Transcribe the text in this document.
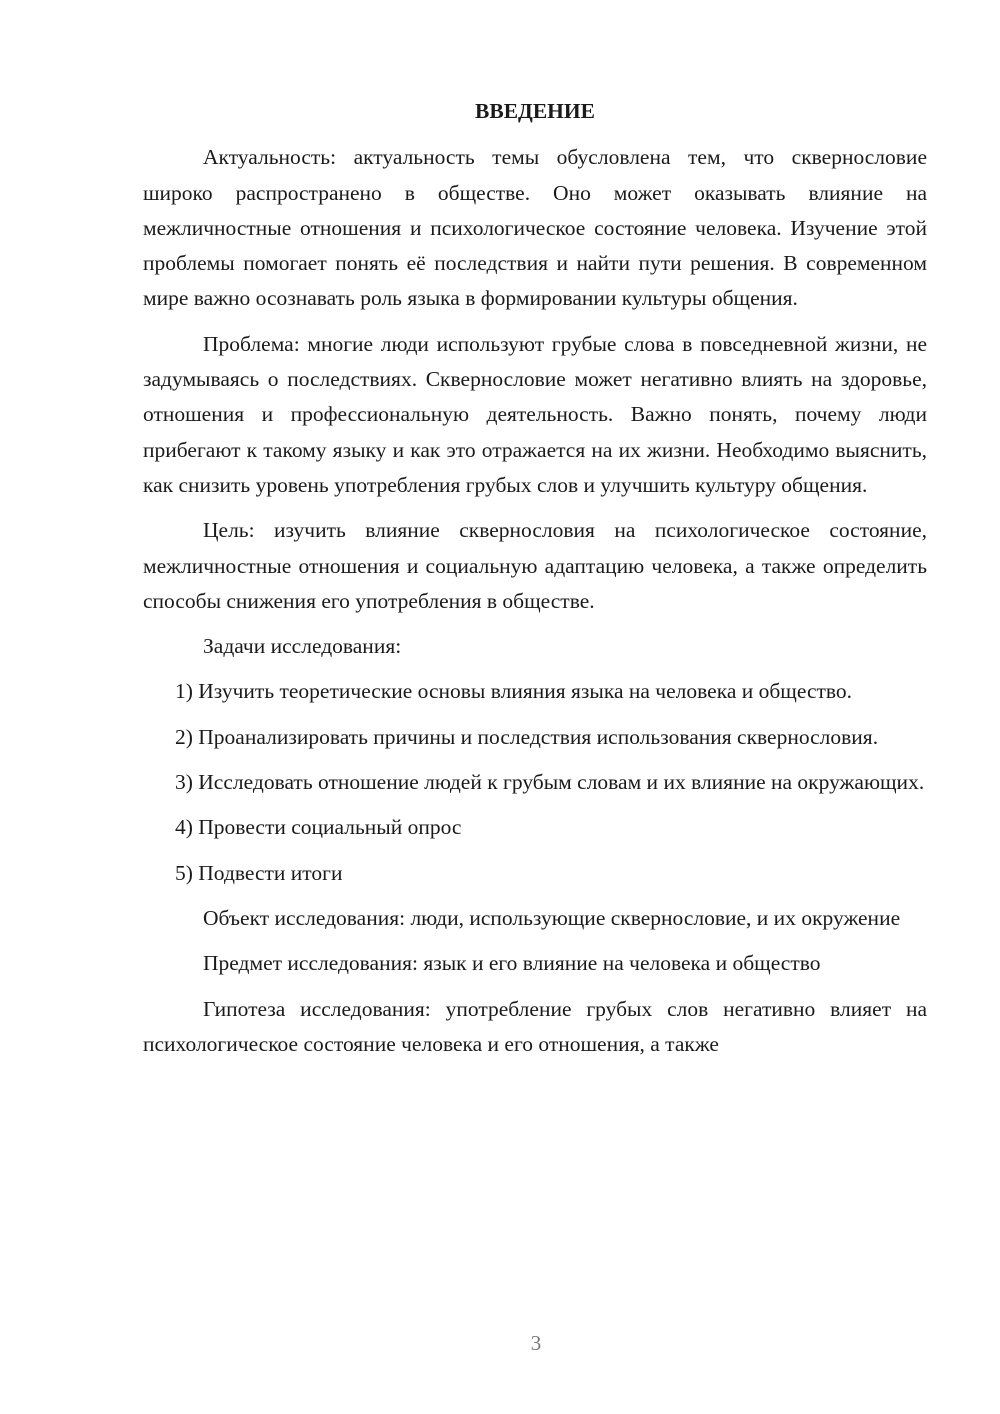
ВВЕДЕНИЕ

Актуальность: актуальность темы обусловлена тем, что сквернословие широко распространено в обществе. Оно может оказывать влияние на межличностные отношения и психологическое состояние человека. Изучение этой проблемы помогает понять её последствия и найти пути решения. В современном мире важно осознавать роль языка в формировании культуры общения.

Проблема: многие люди используют грубые слова в повседневной жизни, не задумываясь о последствиях. Сквернословие может негативно влиять на здоровье, отношения и профессиональную деятельность. Важно понять, почему люди прибегают к такому языку и как это отражается на их жизни. Необходимо выяснить, как снизить уровень употребления грубых слов и улучшить культуру общения.

Цель: изучить влияние сквернословия на психологическое состояние, межличностные отношения и социальную адаптацию человека, а также определить способы снижения его употребления в обществе.

Задачи исследования:

1) Изучить теоретические основы влияния языка на человека и общество.

2) Проанализировать причины и последствия использования сквернословия.

3) Исследовать отношение людей к грубым словам и их влияние на окружающих.

4) Провести социальный опрос

5) Подвести итоги

Объект исследования: люди, использующие сквернословие, и их окружение

Предмет исследования: язык и его влияние на человека и общество

Гипотеза исследования: употребление грубых слов негативно влияет на психологическое состояние человека и его отношения, а также

3
